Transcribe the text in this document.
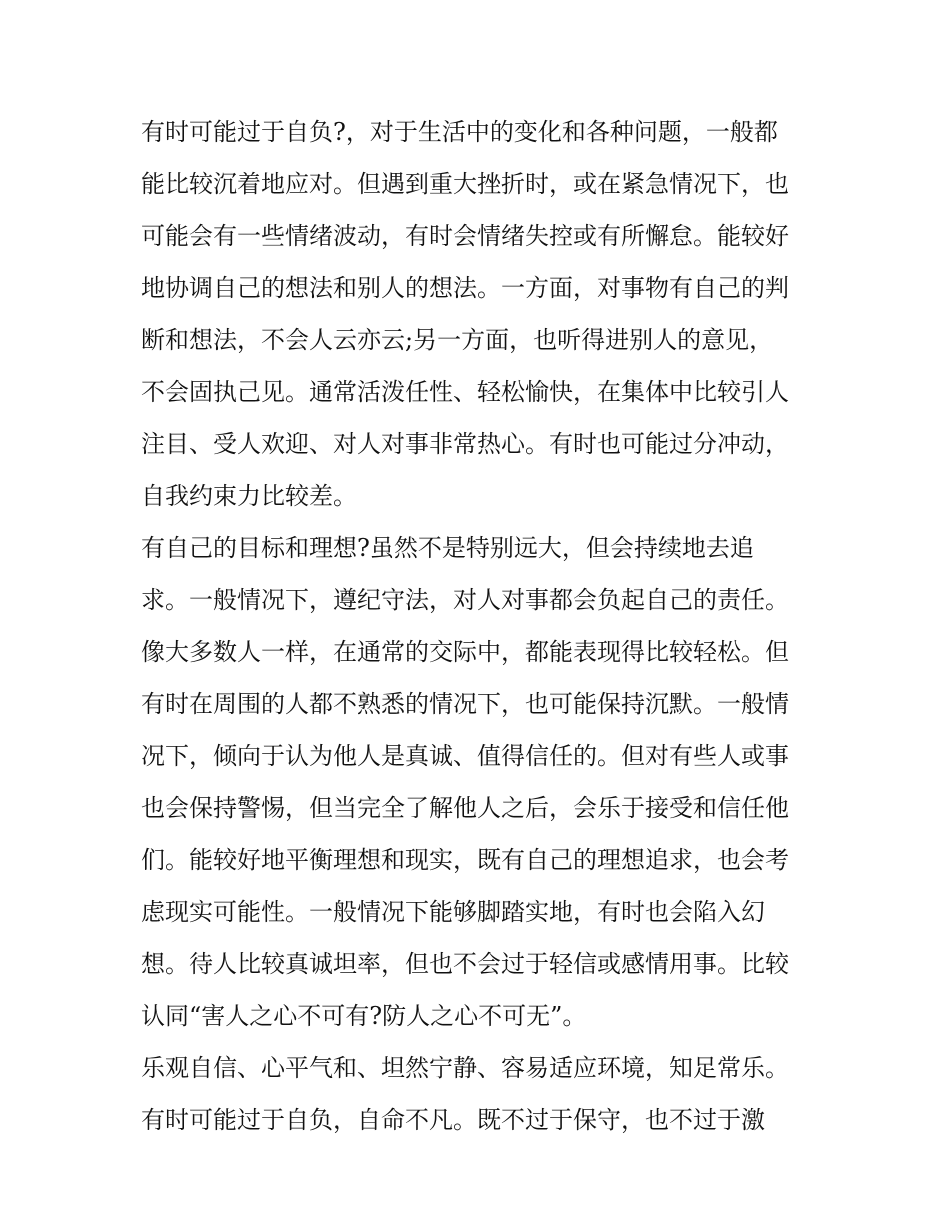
有时可能过于自负?，对于生活中的变化和各种问题，一般都
能比较沉着地应对。但遇到重大挫折时，或在紧急情况下，也
可能会有一些情绪波动，有时会情绪失控或有所懈怠。能较好
地协调自己的想法和别人的想法。一方面，对事物有自己的判
断和想法，不会人云亦云;另一方面，也听得进别人的意见，
不会固执己见。通常活泼任性、轻松愉快，在集体中比较引人
注目、受人欢迎、对人对事非常热心。有时也可能过分冲动，
自我约束力比较差。
有自己的目标和理想?虽然不是特别远大，但会持续地去追
求。一般情况下，遵纪守法，对人对事都会负起自己的责任。
像大多数人一样，在通常的交际中，都能表现得比较轻松。但
有时在周围的人都不熟悉的情况下，也可能保持沉默。一般情
况下，倾向于认为他人是真诚、值得信任的。但对有些人或事
也会保持警惕，但当完全了解他人之后，会乐于接受和信任他
们。能较好地平衡理想和现实，既有自己的理想追求，也会考
虑现实可能性。一般情况下能够脚踏实地，有时也会陷入幻
想。待人比较真诚坦率，但也不会过于轻信或感情用事。比较
认同“害人之心不可有?防人之心不可无”。
乐观自信、心平气和、坦然宁静、容易适应环境，知足常乐。
有时可能过于自负，自命不凡。既不过于保守，也不过于激
